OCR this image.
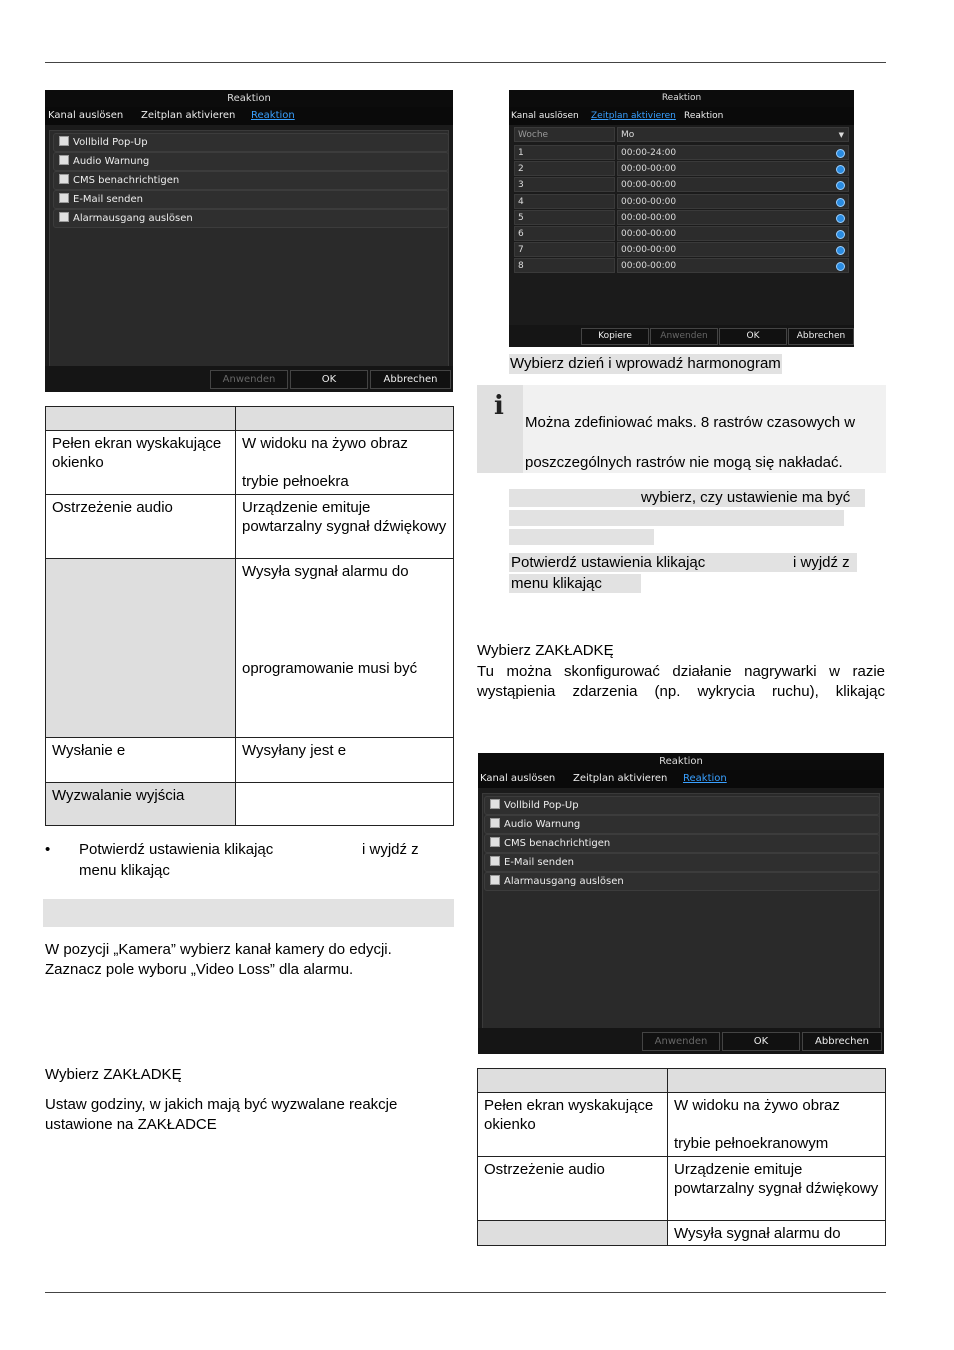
Reaktion
Kanal auslösen Zeitplan aktivieren Reaktion
Vollbild Pop-Up
Audio Warnung
CMS benachrichtigen
E-Mail senden
Alarmausgang auslösen
Anwenden	OK	Abbrechen

Pełen ekran wyskakujące okienko	W widoku na żywo obraz
trybie pełnoekra

Ostrzeżenie audio	Urządzenie emituje powtarzalny sygnał dźwiękowy

	Wysyła sygnał alarmu do
oprogramowanie musi być

Wysłanie e	Wysyłany jest e
Wyzwalanie wyjścia	
• Potwierdź ustawienia klikając	i wyjdź z
menu klikając
W pozycji „Kamera” wybierz kanał kamery do edycji.
Zaznacz pole wyboru „Video Loss” dla alarmu.
Wybierz ZAKŁADKĘ
Ustaw godziny, w jakich mają być wyzwalane reakcje
ustawione na ZAKŁADCE
Reaktion
Kanal auslösen Zeitplan aktivieren Reaktion
Woche	Mo	▼
1	00:00-24:00
2	00:00-00:00
3	00:00-00:00
4	00:00-00:00
5	00:00-00:00
6	00:00-00:00
7	00:00-00:00
8	00:00-00:00
Kopiere	Anwenden	OK	Abbrechen
Wybierz dzień i wprowadź harmonogram
i
Można zdefiniować maks. 8 rastrów czasowych w
poszczególnych rastrów nie mogą się nakładać.
wybierz, czy ustawienie ma być
Potwierdź ustawienia klikając	i wyjdź z
menu klikając
Wybierz ZAKŁADKĘ
Tu można skonfigurować działanie nagrywarki w razie
wystąpienia zdarzenia (np. wykrycia ruchu), klikając
Reaktion
Kanal auslösen Zeitplan aktivieren Reaktion
Vollbild Pop-Up
Audio Warnung
CMS benachrichtigen
E-Mail senden
Alarmausgang auslösen
Anwenden	OK	Abbrechen

Pełen ekran wyskakujące okienko	W widoku na żywo obraz
trybie pełnoekranowym

Ostrzeżenie audio	Urządzenie emituje powtarzalny sygnał dźwiękowy
	Wysyła sygnał alarmu do
